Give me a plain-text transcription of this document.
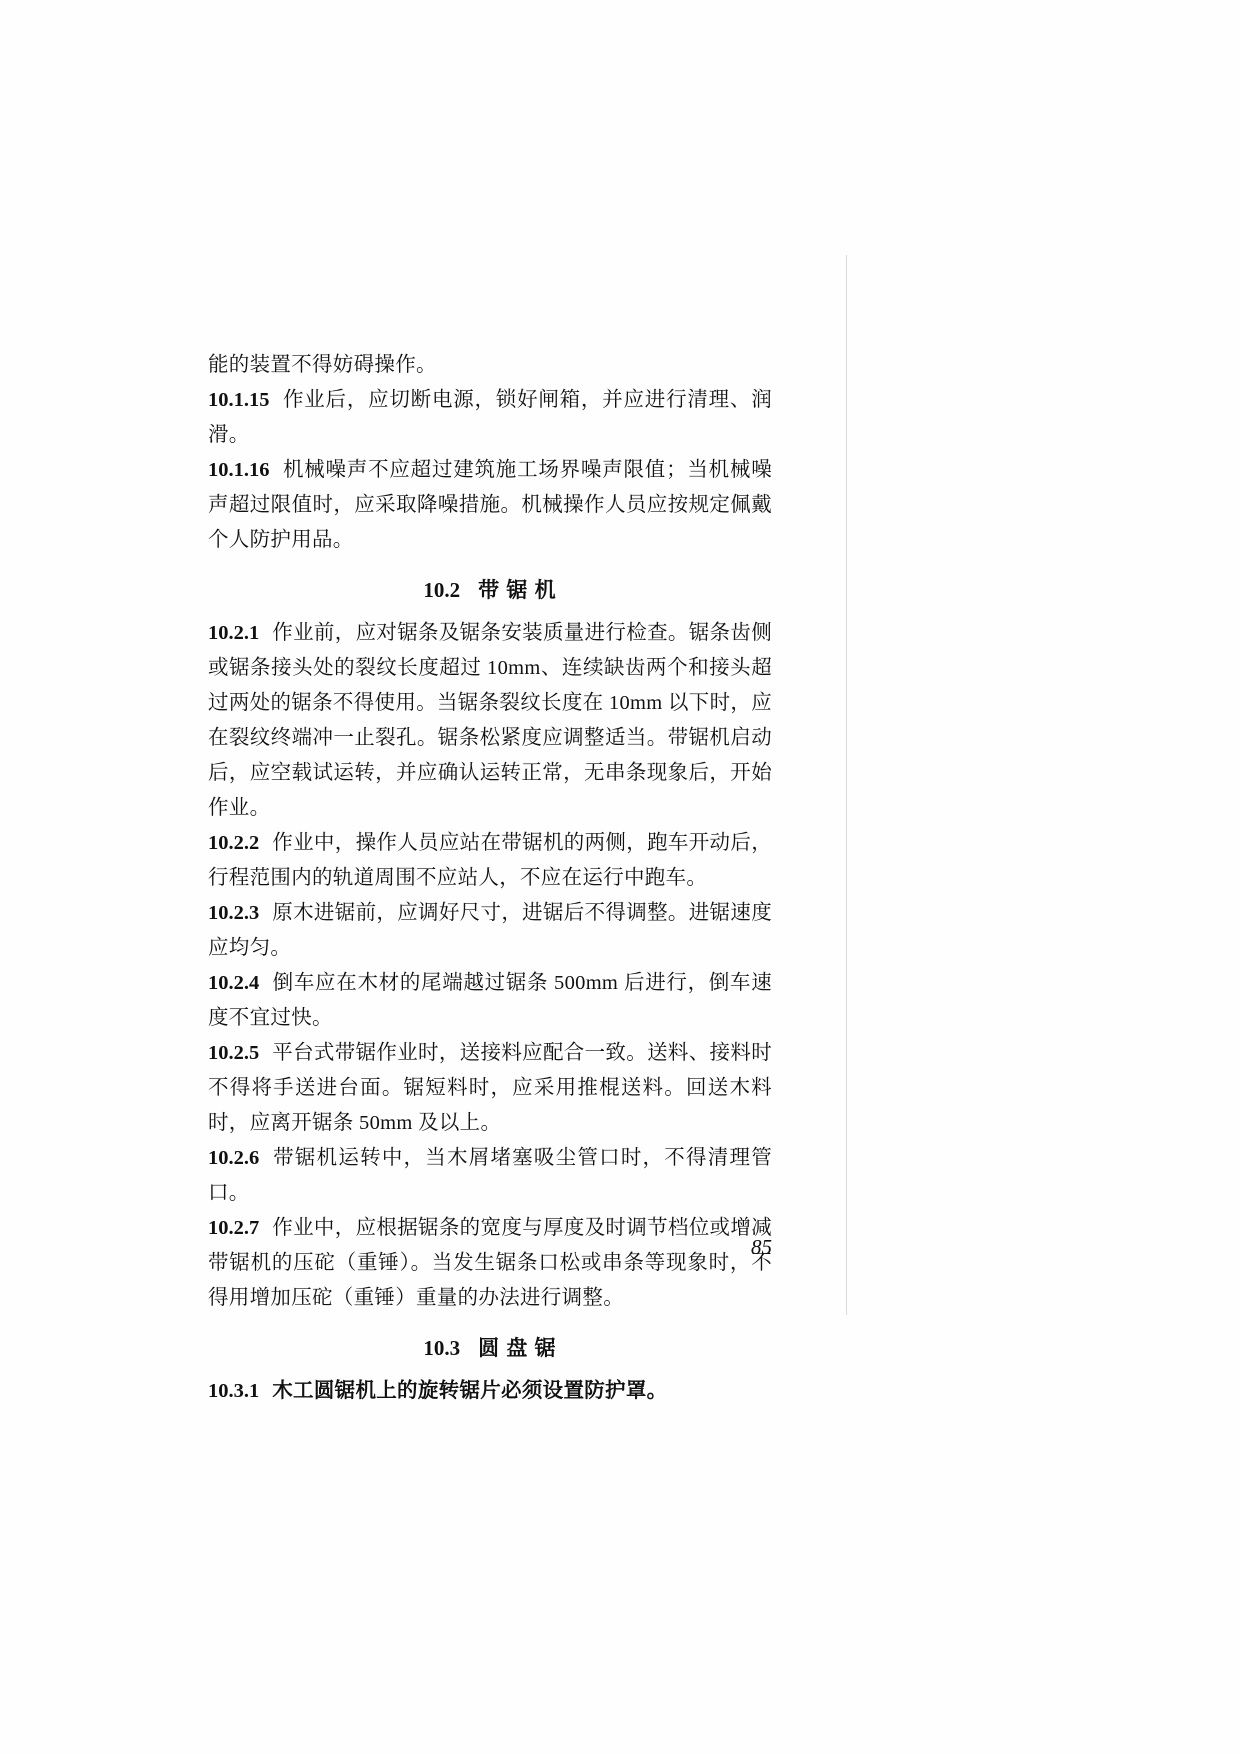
能的装置不得妨碍操作。

10.1.15 作业后，应切断电源，锁好闸箱，并应进行清理、润滑。

10.1.16 机械噪声不应超过建筑施工场界噪声限值；当机械噪声超过限值时，应采取降噪措施。机械操作人员应按规定佩戴个人防护用品。

10.2 带 锯 机

10.2.1 作业前，应对锯条及锯条安装质量进行检查。锯条齿侧或锯条接头处的裂纹长度超过 10mm、连续缺齿两个和接头超过两处的锯条不得使用。当锯条裂纹长度在 10mm 以下时，应在裂纹终端冲一止裂孔。锯条松紧度应调整适当。带锯机启动后，应空载试运转，并应确认运转正常，无串条现象后，开始作业。

10.2.2 作业中，操作人员应站在带锯机的两侧，跑车开动后，行程范围内的轨道周围不应站人，不应在运行中跑车。

10.2.3 原木进锯前，应调好尺寸，进锯后不得调整。进锯速度应均匀。

10.2.4 倒车应在木材的尾端越过锯条 500mm 后进行，倒车速度不宜过快。

10.2.5 平台式带锯作业时，送接料应配合一致。送料、接料时不得将手送进台面。锯短料时，应采用推棍送料。回送木料时，应离开锯条 50mm 及以上。

10.2.6 带锯机运转中，当木屑堵塞吸尘管口时，不得清理管口。

10.2.7 作业中，应根据锯条的宽度与厚度及时调节档位或增减带锯机的压砣（重锤）。当发生锯条口松或串条等现象时，不得用增加压砣（重锤）重量的办法进行调整。

10.3 圆 盘 锯

10.3.1 木工圆锯机上的旋转锯片必须设置防护罩。

85
